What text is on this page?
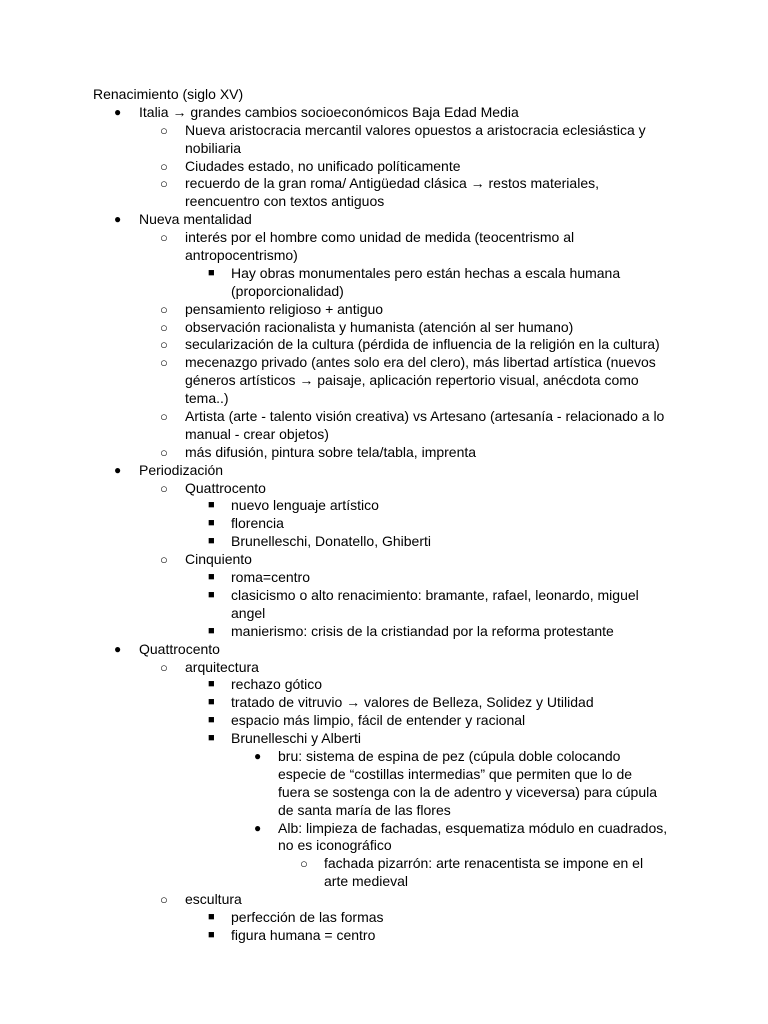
Renacimiento (siglo XV)
●	Italia → grandes cambios socioeconómicos Baja Edad Media
○	Nueva aristocracia mercantil valores opuestos a aristocracia eclesiástica y
nobiliaria
○	Ciudades estado, no unificado políticamente
○	recuerdo de la gran roma/ Antigüedad clásica → restos materiales,
reencuentro con textos antiguos
●	Nueva mentalidad
○	interés por el hombre como unidad de medida (teocentrismo al
antropocentrismo)
■	Hay obras monumentales pero están hechas a escala humana
(proporcionalidad)
○	pensamiento religioso + antiguo
○	observación racionalista y humanista (atención al ser humano)
○	secularización de la cultura (pérdida de influencia de la religión en la cultura)
○	mecenazgo privado (antes solo era del clero), más libertad artística (nuevos
géneros artísticos → paisaje, aplicación repertorio visual, anécdota como
tema..)
○	Artista (arte - talento visión creativa) vs Artesano (artesanía - relacionado a lo
manual - crear objetos)
○	más difusión, pintura sobre tela/tabla, imprenta
●	Periodización
○	Quattrocento
■	nuevo lenguaje artístico
■	florencia
■	Brunelleschi, Donatello, Ghiberti
○	Cinquiento
■	roma=centro
■	clasicismo o alto renacimiento: bramante, rafael, leonardo, miguel
angel
■	manierismo: crisis de la cristiandad por la reforma protestante
●	Quattrocento
○	arquitectura
■	rechazo gótico
■	tratado de vitruvio → valores de Belleza, Solidez y Utilidad
■	espacio más limpio, fácil de entender y racional
■	Brunelleschi y Alberti
●	bru: sistema de espina de pez (cúpula doble colocando
especie de “costillas intermedias” que permiten que lo de
fuera se sostenga con la de adentro y viceversa) para cúpula
de santa maría de las flores
●	Alb: limpieza de fachadas, esquematiza módulo en cuadrados,
no es iconográfico
○	fachada pizarrón: arte renacentista se impone en el
arte medieval
○	escultura
■	perfección de las formas
■	figura humana = centro
